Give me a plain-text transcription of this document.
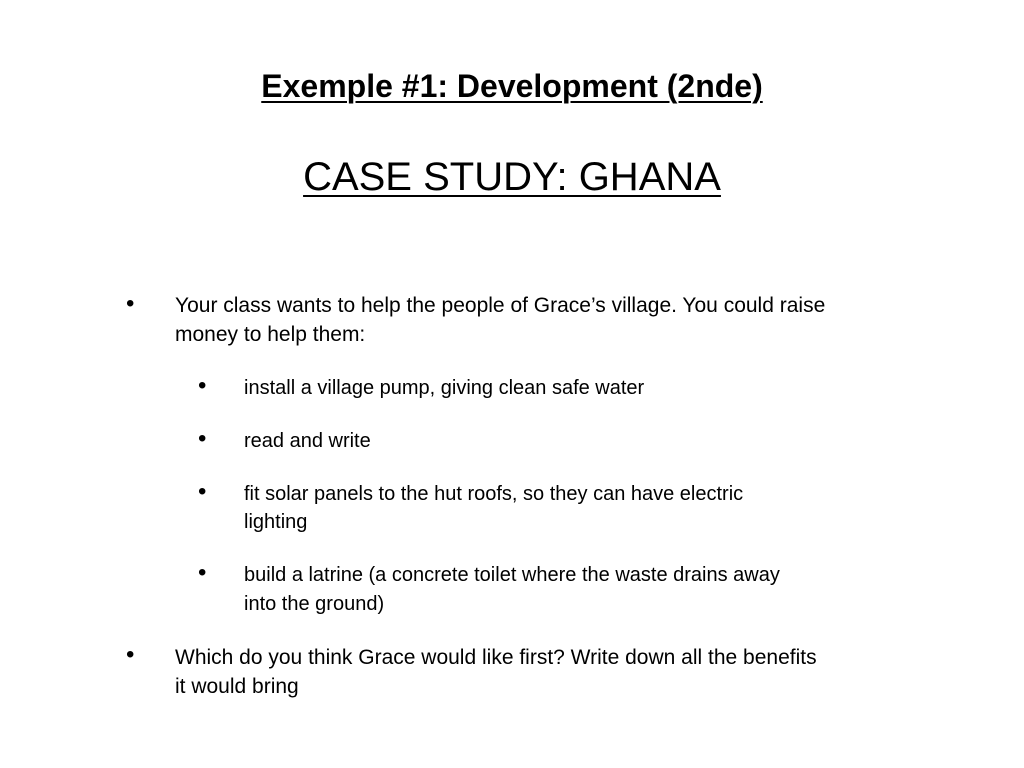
Exemple #1: Development (2nde)
CASE STUDY: GHANA
• Your class wants to help the people of Grace’s village. You could raise
money to help them:
• install a village pump, giving clean safe water
• read and write
• fit solar panels to the hut roofs, so they can have electric
lighting
• build a latrine (a concrete toilet where the waste drains away
into the ground)
• Which do you think Grace would like first? Write down all the benefits
it would bring
